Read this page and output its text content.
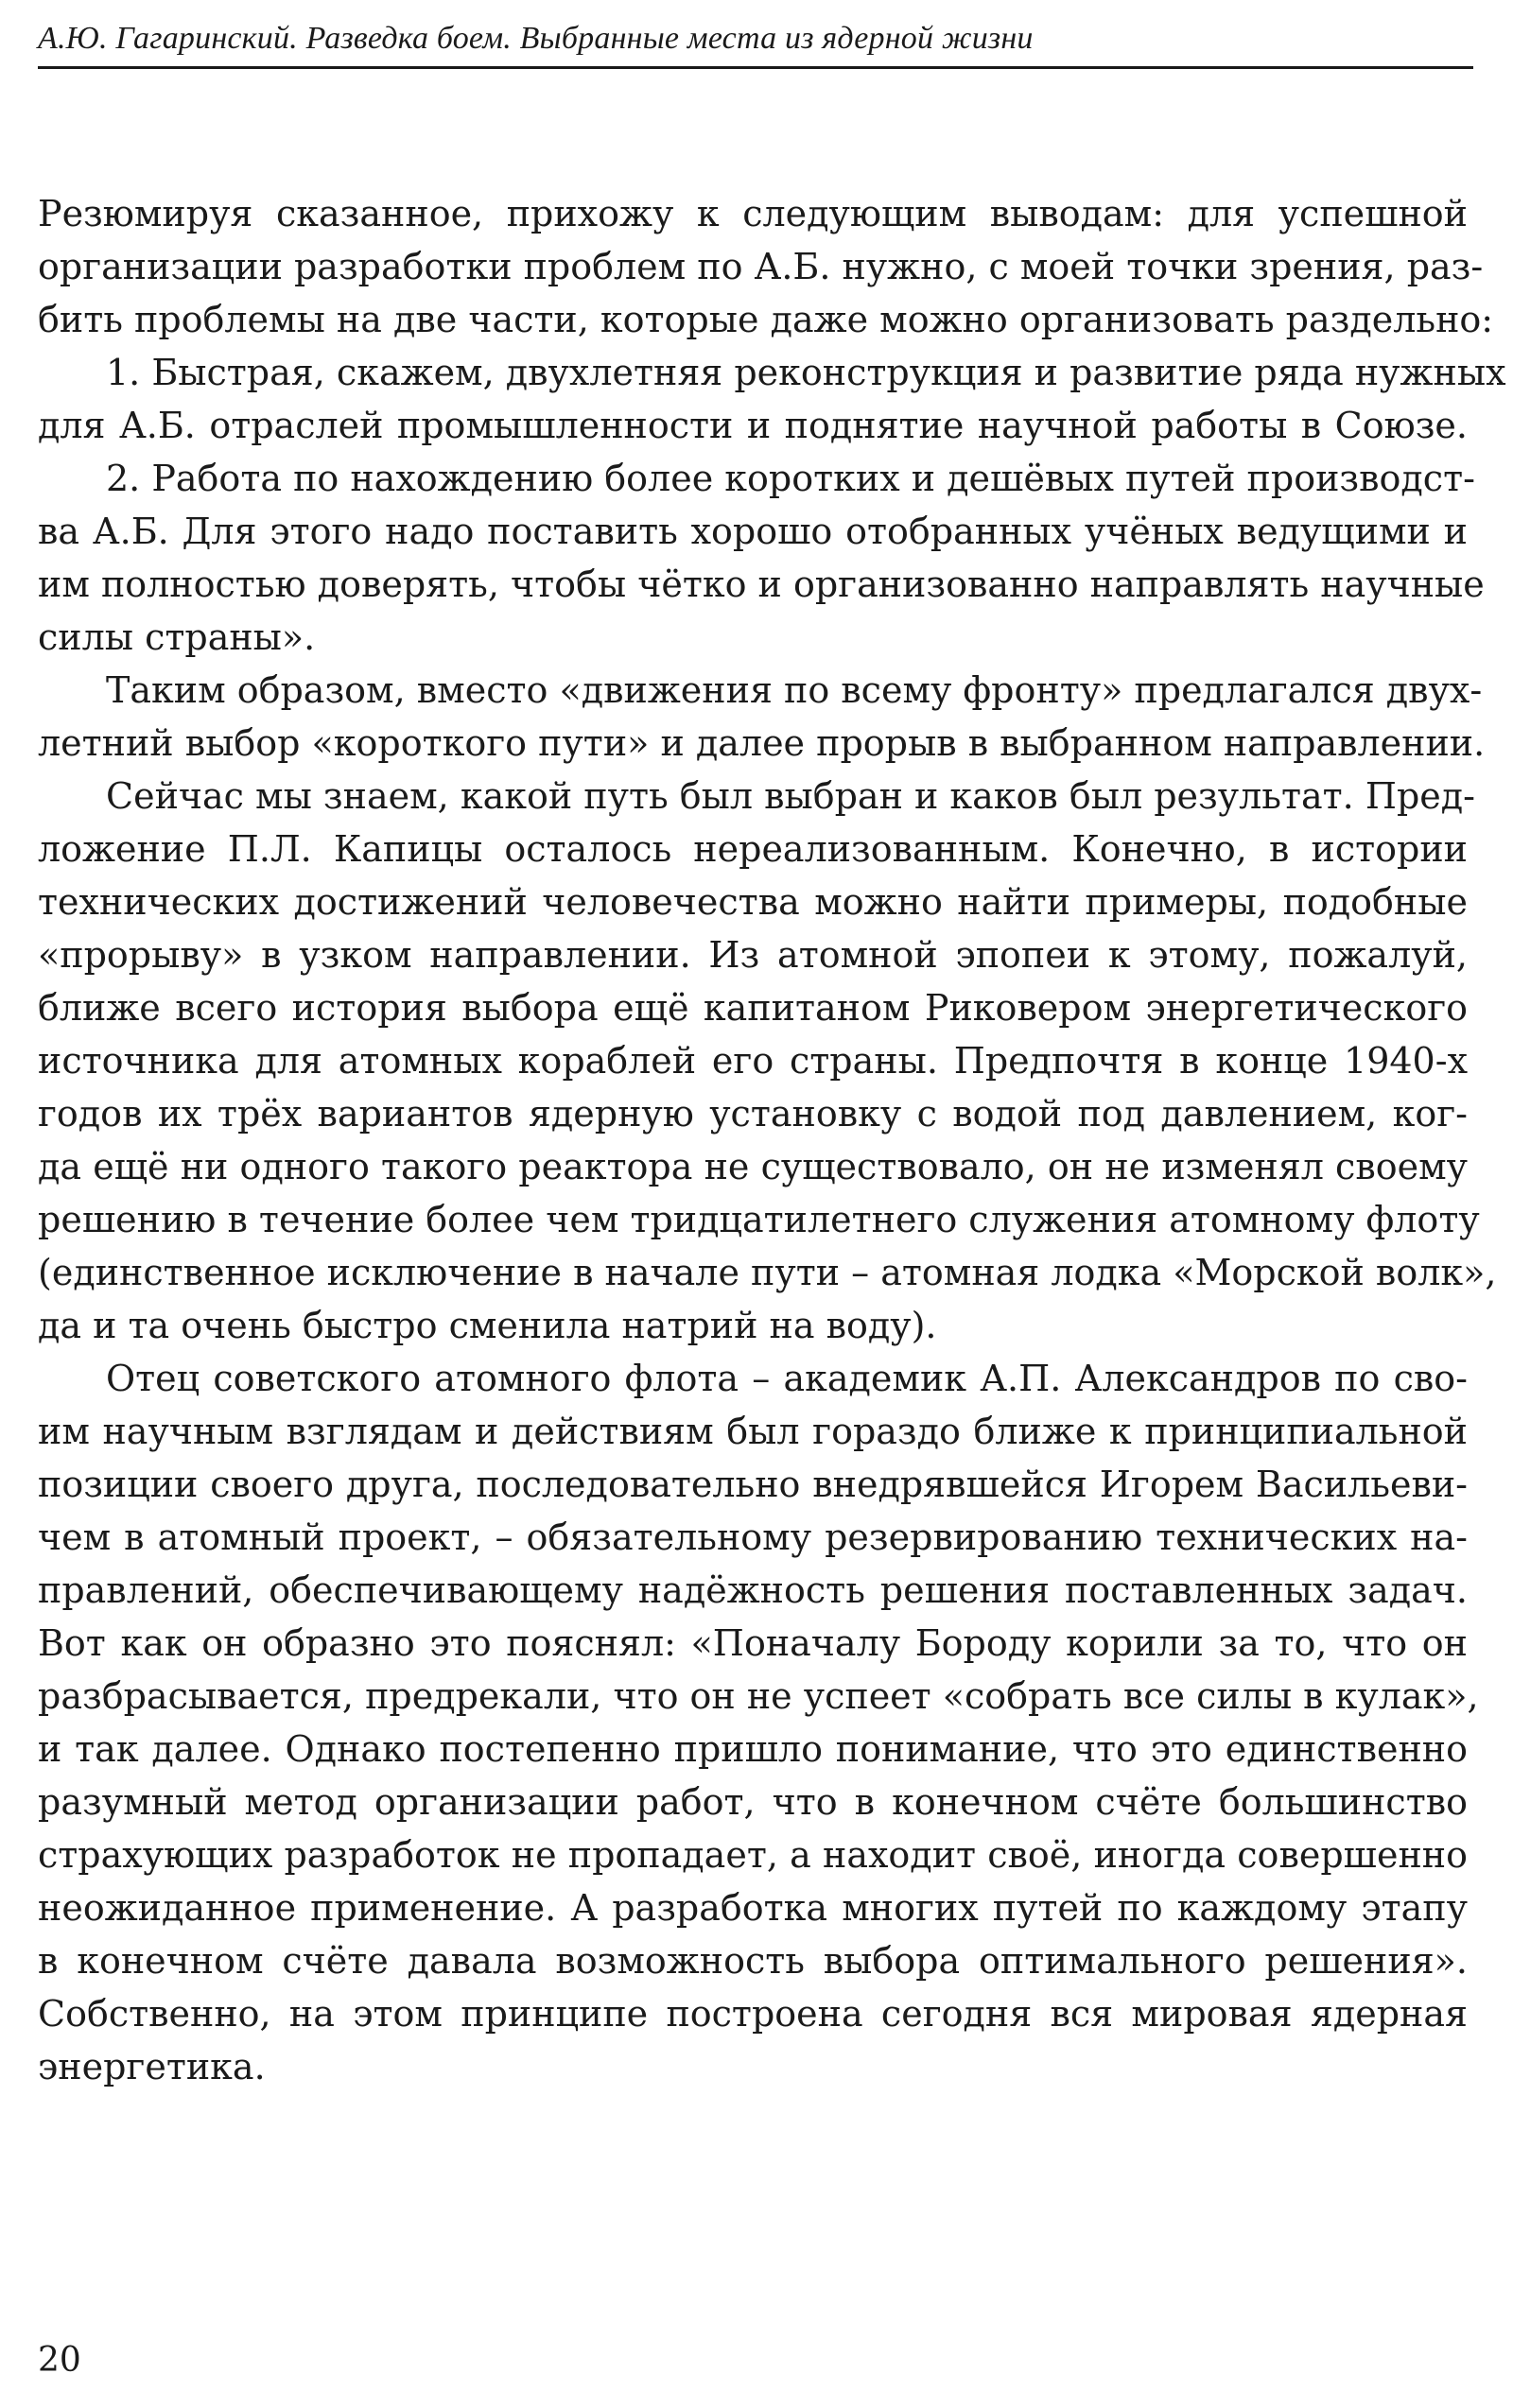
А.Ю. Гагаринский. Разведка боем. Выбранные места из ядерной жизни
Резюмируя сказанное, прихожу к следующим выводам: для успешной
организации разработки проблем по А.Б. нужно, с моей точки зрения, раз-
бить проблемы на две части, которые даже можно организовать раздельно:
1. Быстрая, скажем, двухлетняя реконструкция и развитие ряда нужных
для А.Б. отраслей промышленности и поднятие научной работы в Союзе.
2. Работа по нахождению более коротких и дешёвых путей производст-
ва А.Б. Для этого надо поставить хорошо отобранных учёных ведущими и
им полностью доверять, чтобы чётко и организованно направлять научные
силы страны».
Таким образом, вместо «движения по всему фронту» предлагался двух-
летний выбор «короткого пути» и далее прорыв в выбранном направлении.
Сейчас мы знаем, какой путь был выбран и каков был результат. Пред-
ложение П.Л. Капицы осталось нереализованным. Конечно, в истории
технических достижений человечества можно найти примеры, подобные
«прорыву» в узком направлении. Из атомной эпопеи к этому, пожалуй,
ближе всего история выбора ещё капитаном Риковером энергетического
источника для атомных кораблей его страны. Предпочтя в конце 1940-х
годов их трёх вариантов ядерную установку с водой под давлением, ког-
да ещё ни одного такого реактора не существовало, он не изменял своему
решению в течение более чем тридцатилетнего служения атомному флоту
(единственное исключение в начале пути – атомная лодка «Морской волк»,
да и та очень быстро сменила натрий на воду).
Отец советского атомного флота – академик А.П. Александров по сво-
им научным взглядам и действиям был гораздо ближе к принципиальной
позиции своего друга, последовательно внедрявшейся Игорем Васильеви-
чем в атомный проект, – обязательному резервированию технических на-
правлений, обеспечивающему надёжность решения поставленных задач.
Вот как он образно это пояснял: «Поначалу Бороду корили за то, что он
разбрасывается, предрекали, что он не успеет «собрать все силы в кулак»,
и так далее. Однако постепенно пришло понимание, что это единственно
разумный метод организации работ, что в конечном счёте большинство
страхующих разработок не пропадает, а находит своё, иногда совершенно
неожиданное применение. А разработка многих путей по каждому этапу
в конечном счёте давала возможность выбора оптимального решения».
Собственно, на этом принципе построена сегодня вся мировая ядерная
энергетика.
20
